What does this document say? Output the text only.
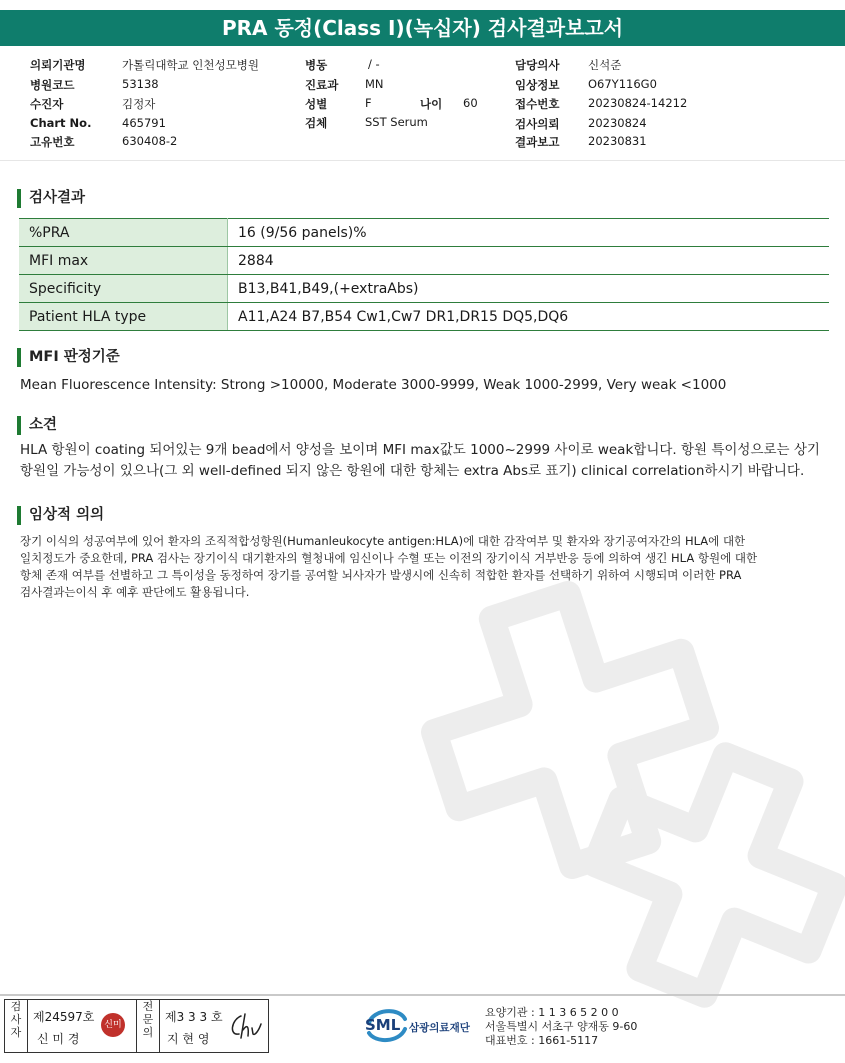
PRA 동정(Class I)(녹십자) 검사결과보고서
의뢰기관명	가톨릭대학교 인천성모병원
병원코드	53138
수진자	김정자
Chart No.	465791
고유번호	630408-2
병동	/ -
진료과 MN
성별	F	나이 60
검체	SST Serum
담당의사 신석준
임상정보 O67Y116G0
접수번호 20230824-14212
검사의뢰 20230824
결과보고 20230831
검사결과
%PRA	16 (9/56 panels)%
MFI max	2884
Specificity	B13,B41,B49,(+extraAbs)
Patient HLA type	A11,A24 B7,B54 Cw1,Cw7 DR1,DR15 DQ5,DQ6
MFI 판정기준
Mean Fluorescence Intensity: Strong >10000, Moderate 3000-9999, Weak 1000-2999, Very weak <1000
소견
HLA 항원이 coating 되어있는 9개 bead에서 양성을 보이며 MFI max값도 1000~2999 사이로 weak합니다. 항원 특이성으로는 상기
항원일 가능성이 있으나(그 외 well-defined 되지 않은 항원에 대한 항체는 extra Abs로 표기) clinical correlation하시기 바랍니다.
임상적 의의
장기 이식의 성공여부에 있어 환자의 조직적합성항원(Humanleukocyte antigen:HLA)에 대한 감작여부 및 환자와 장기공여자간의 HLA에 대한
일치정도가 중요한데, PRA 검사는 장기이식 대기환자의 혈청내에 임신이나 수혈 또는 이전의 장기이식 거부반응 등에 의하여 생긴 HLA 항원에 대한
항체 존재 여부를 선별하고 그 특이성을 동정하여 장기를 공여할 뇌사자가 발생시에 신속히 적합한 환자를 선택하기 위하여 시행되며 이러한 PRA
검사결과는이식 후 예후 판단에도 활용됩니다.
검
사
자
제24597호
신 미 경
신미
전
문
의
제3 3 3 호
지 현 영
SML 삼광의료재단
요양기관 : 1 1 3 6 5 2 0 0
서울특별시 서초구 양재동 9-60
대표번호 : 1661-5117
